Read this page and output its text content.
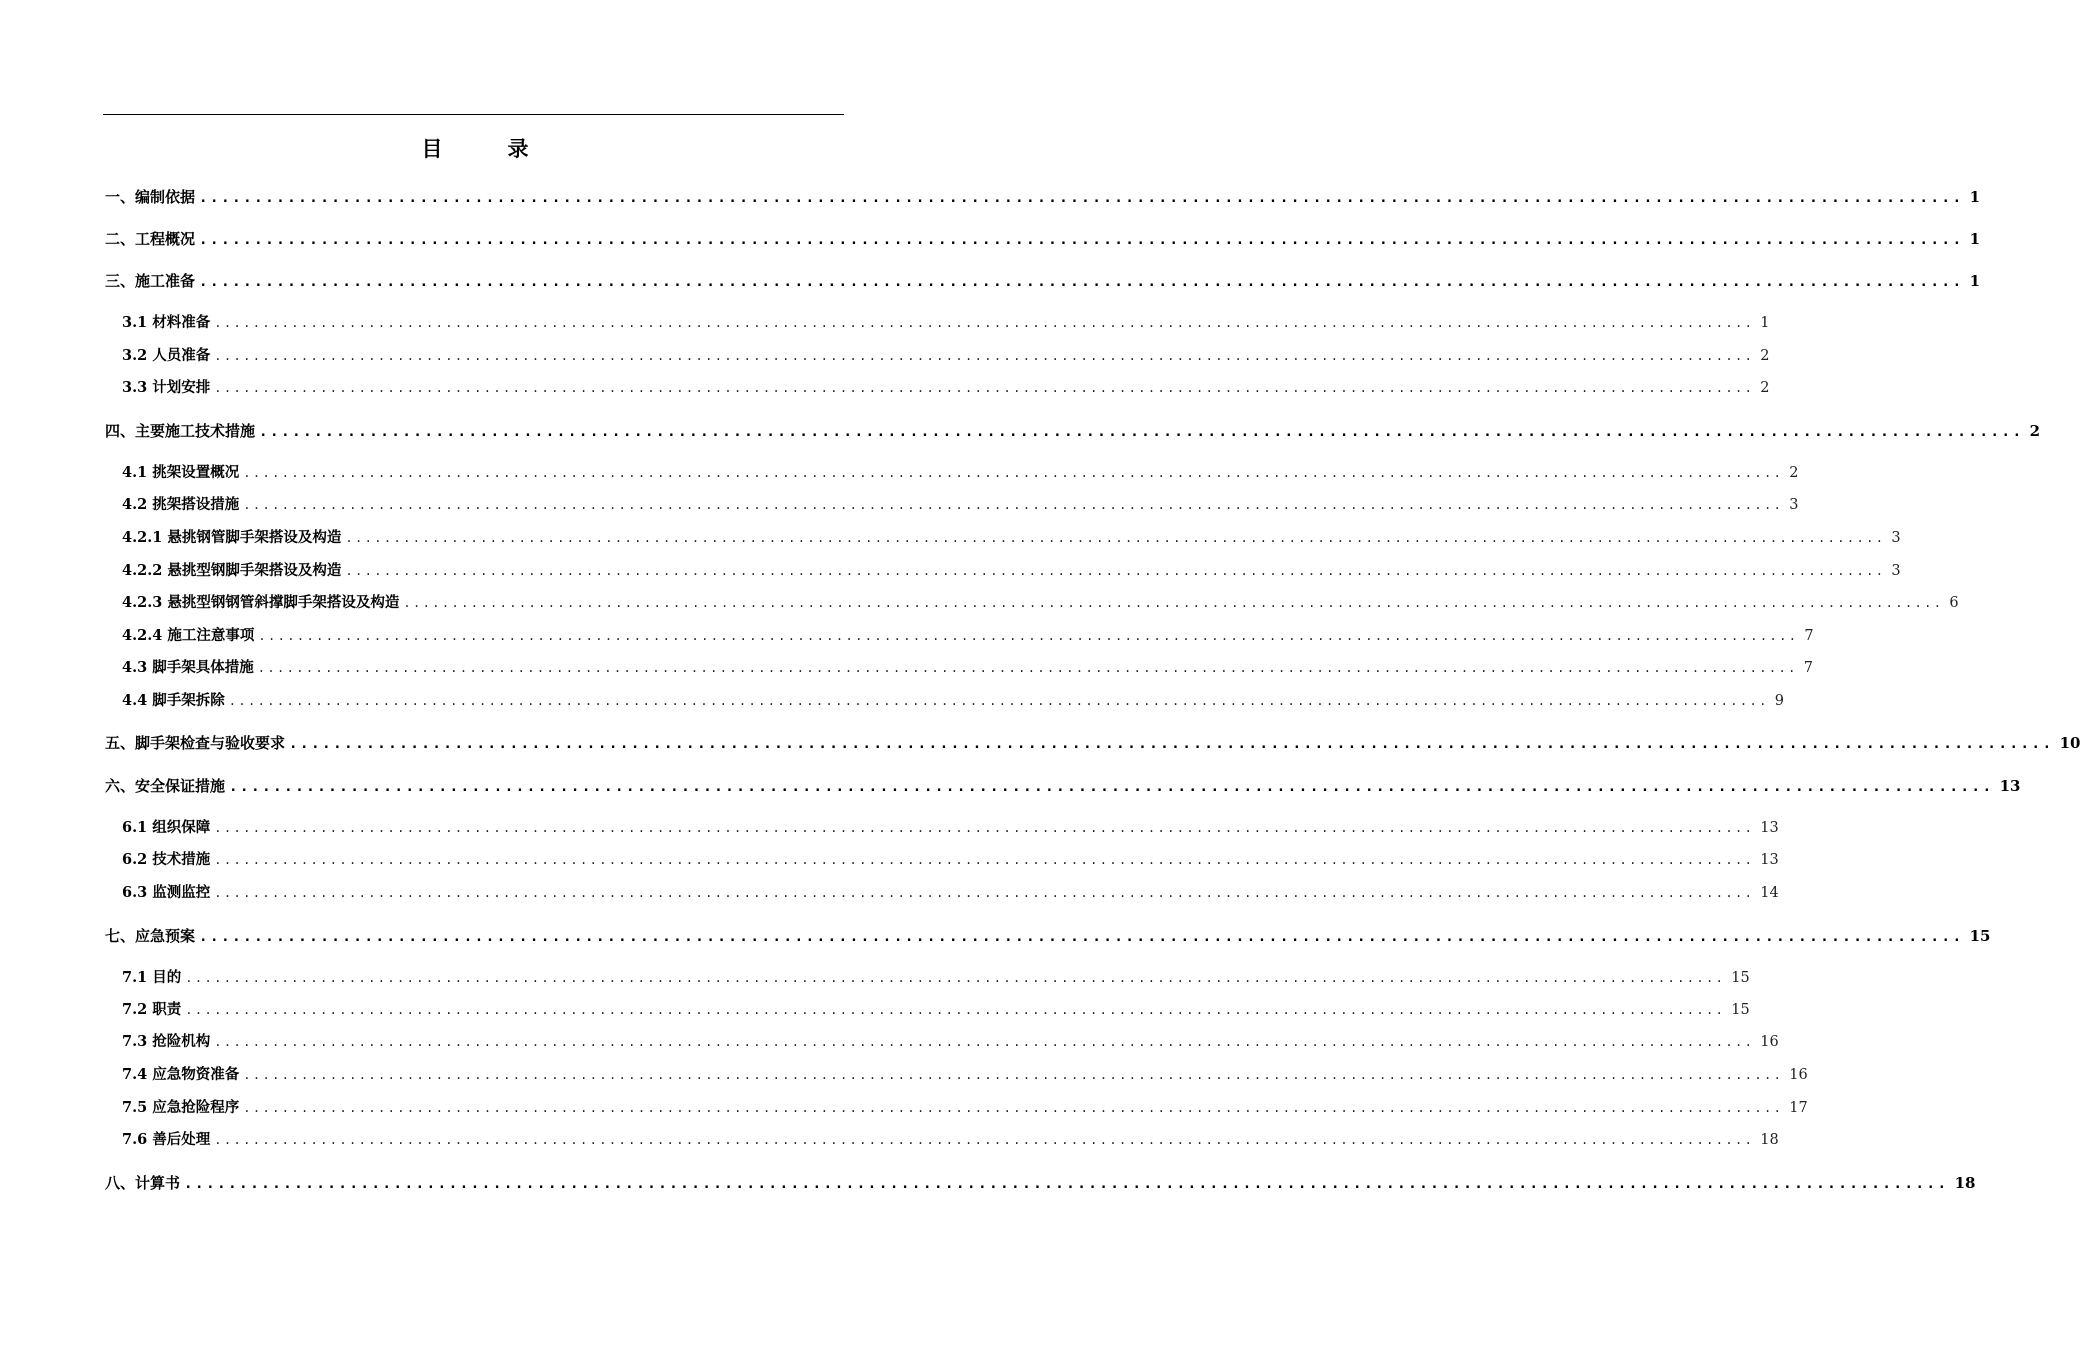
目　录
一、编制依据 ................................................................................................................................................................ 1
二、工程概况 ................................................................................................................................................................ 1
三、施工准备 ................................................................................................................................................................ 1
3.1 材料准备 ................................................................................................................................................................ 1
3.2 人员准备 ................................................................................................................................................................ 2
3.3 计划安排 ................................................................................................................................................................ 2
四、主要施工技术措施 ................................................................................................................................................................ 2
4.1 挑架设置概况 ................................................................................................................................................................ 2
4.2 挑架搭设措施 ................................................................................................................................................................ 3
4.2.1 悬挑钢管脚手架搭设及构造 ................................................................................................................................................................ 3
4.2.2 悬挑型钢脚手架搭设及构造 ................................................................................................................................................................ 3
4.2.3 悬挑型钢钢管斜撑脚手架搭设及构造 ................................................................................................................................................................ 6
4.2.4 施工注意事项 ................................................................................................................................................................ 7
4.3 脚手架具体措施 ................................................................................................................................................................ 7
4.4 脚手架拆除 ................................................................................................................................................................ 9
五、脚手架检查与验收要求 ................................................................................................................................................................ 10
六、安全保证措施 ................................................................................................................................................................ 13
6.1 组织保障 ................................................................................................................................................................ 13
6.2 技术措施 ................................................................................................................................................................ 13
6.3 监测监控 ................................................................................................................................................................ 14
七、应急预案 ................................................................................................................................................................ 15
7.1 目的 ................................................................................................................................................................ 15
7.2 职责 ................................................................................................................................................................ 15
7.3 抢险机构 ................................................................................................................................................................ 16
7.4 应急物资准备 ................................................................................................................................................................ 16
7.5 应急抢险程序 ................................................................................................................................................................ 17
7.6 善后处理 ................................................................................................................................................................ 18
八、计算书 ................................................................................................................................................................ 18
